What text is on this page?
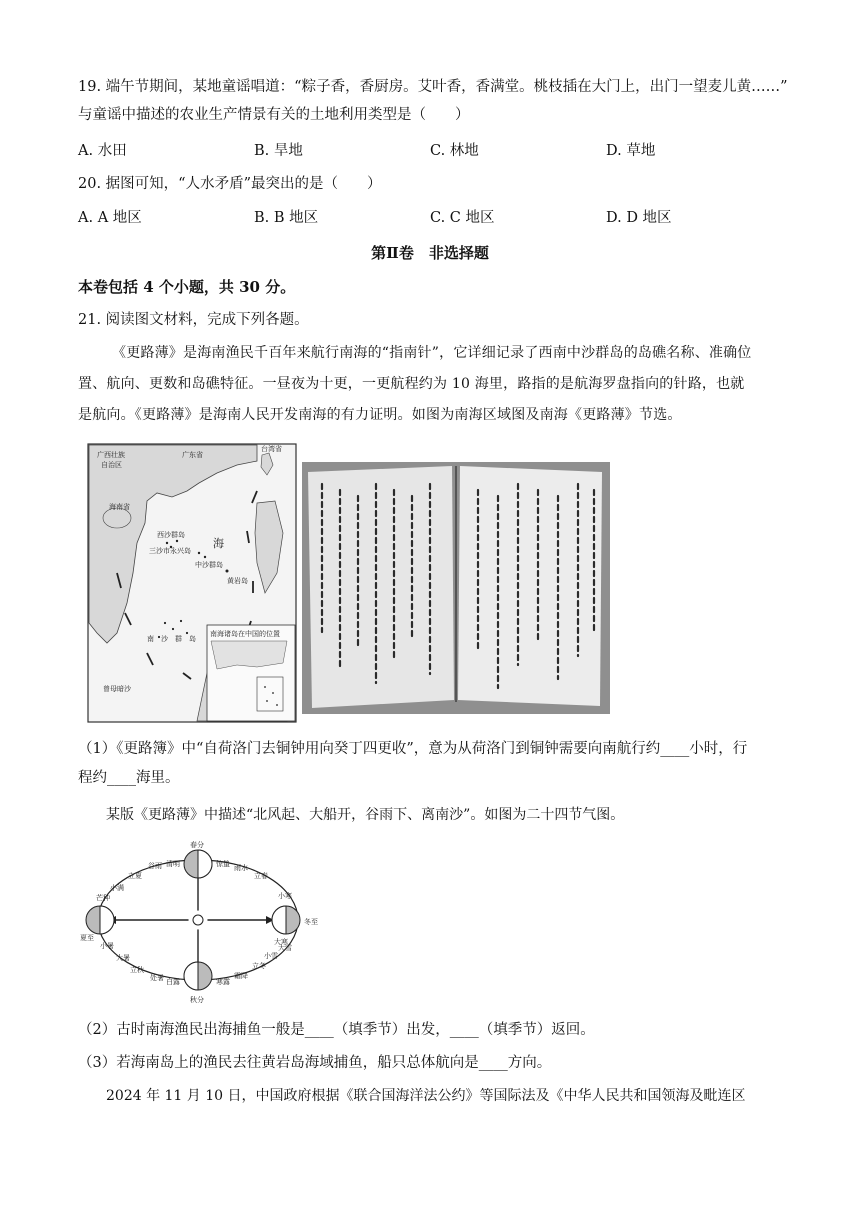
19. 端午节期间，某地童谣唱道：“粽子香，香厨房。艾叶香，香满堂。桃枝插在大门上，出门一望麦儿黄……”
与童谣中描述的农业生产情景有关的土地利用类型是（　　）
A. 水田	B. 旱地	C. 林地	D. 草地
20. 据图可知，“人水矛盾”最突出的是（　　）
A. A 地区	B. B 地区	C. C 地区	D. D 地区
第Ⅱ卷　非选择题
本卷包括 4 个小题，共 30 分。
21. 阅读图文材料，完成下列各题。
《更路薄》是海南渔民千百年来航行南海的“指南针”，它详细记录了西南中沙群岛的岛礁名称、准确位
置、航向、更数和岛礁特征。一昼夜为十更，一更航程约为 10 海里，路指的是航海罗盘指向的针路，也就
是航向。《更路薄》是海南人民开发南海的有力证明。如图为南海区域图及南海《更路薄》节选。
广西壮族
自治区
台湾省
广东省
海南省
西沙群岛
三沙市永兴岛
海
中沙群岛
黄岩岛
南　沙　群　岛
曾母暗沙
南海诸岛在中国的位置
（1）《更路簿》中“自荷洛门去铜钟用向癸丁四更收”，意为从荷洛门到铜钟需要向南航行约____小时，行
程约____海里。
某版《更路薄》中描述“北风起、大船开，谷雨下、离南沙”。如图为二十四节气图。
春分
秋分
夏至
冬至
谷雨 清明	惊蛰 雨水
立春
立夏
小满
芒种	小寒
大寒
小暑
大暑
立秋
处暑 白露	寒露
霜降
立冬
小雪
大雪
（2）古时南海渔民出海捕鱼一般是____（填季节）出发，____（填季节）返回。
（3）若海南岛上的渔民去往黄岩岛海域捕鱼，船只总体航向是____方向。
2024 年 11 月 10 日，中国政府根据《联合国海洋法公约》等国际法及《中华人民共和国领海及毗连区
